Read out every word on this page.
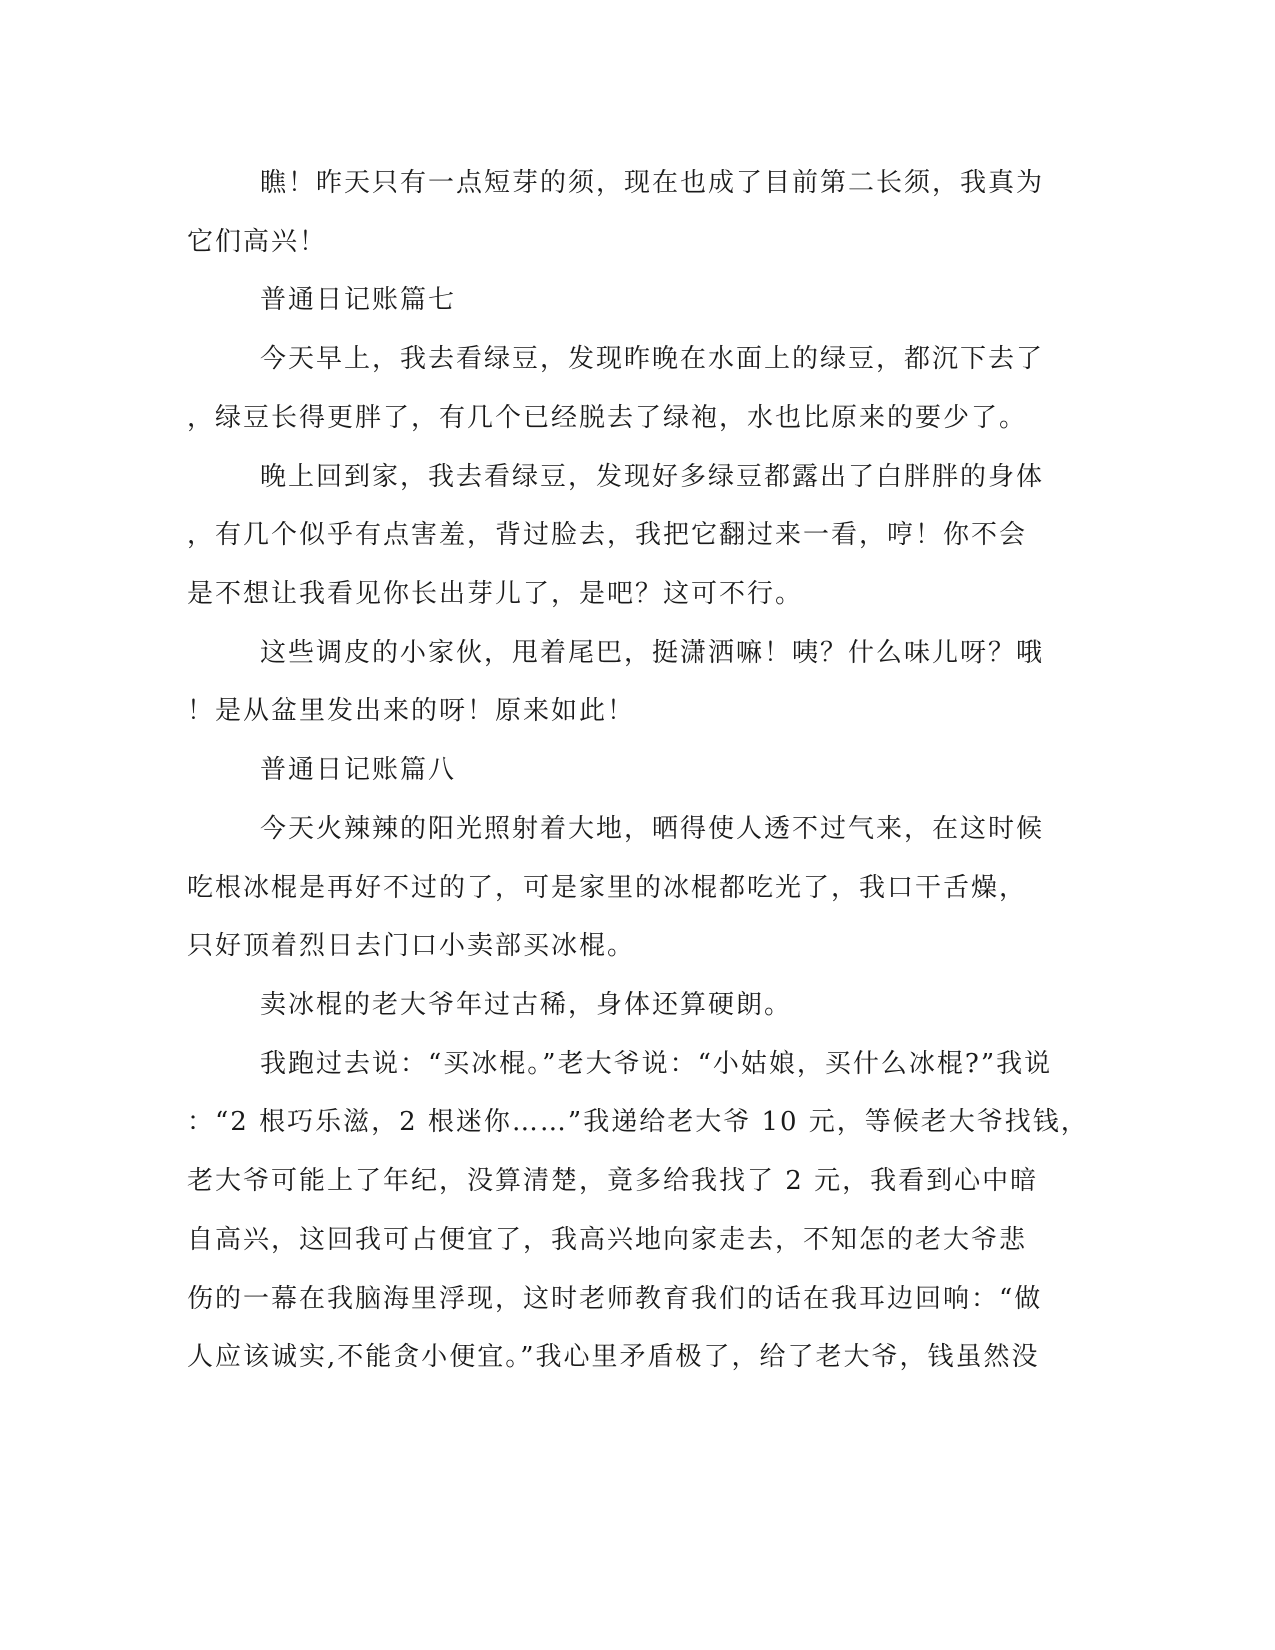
瞧！昨天只有一点短芽的须，现在也成了目前第二长须，我真为
它们高兴！
普通日记账篇七
今天早上，我去看绿豆，发现昨晚在水面上的绿豆，都沉下去了
，绿豆长得更胖了，有几个已经脱去了绿袍，水也比原来的要少了。
晚上回到家，我去看绿豆，发现好多绿豆都露出了白胖胖的身体
，有几个似乎有点害羞，背过脸去，我把它翻过来一看，哼！你不会
是不想让我看见你长出芽儿了，是吧？这可不行。
这些调皮的小家伙，甩着尾巴，挺潇洒嘛！咦？什么味儿呀？哦
！是从盆里发出来的呀！原来如此！
普通日记账篇八
今天火辣辣的阳光照射着大地，晒得使人透不过气来，在这时候
吃根冰棍是再好不过的了，可是家里的冰棍都吃光了，我口干舌燥，
只好顶着烈日去门口小卖部买冰棍。
卖冰棍的老大爷年过古稀，身体还算硬朗。
我跑过去说：“买冰棍。”老大爷说：“小姑娘，买什么冰棍?”我说
：“2 根巧乐滋，2 根迷你……”我递给老大爷 10 元，等候老大爷找钱，
老大爷可能上了年纪，没算清楚，竟多给我找了 2 元，我看到心中暗
自高兴，这回我可占便宜了，我高兴地向家走去，不知怎的老大爷悲
伤的一幕在我脑海里浮现，这时老师教育我们的话在我耳边回响：“做
人应该诚实,不能贪小便宜。”我心里矛盾极了，给了老大爷，钱虽然没
